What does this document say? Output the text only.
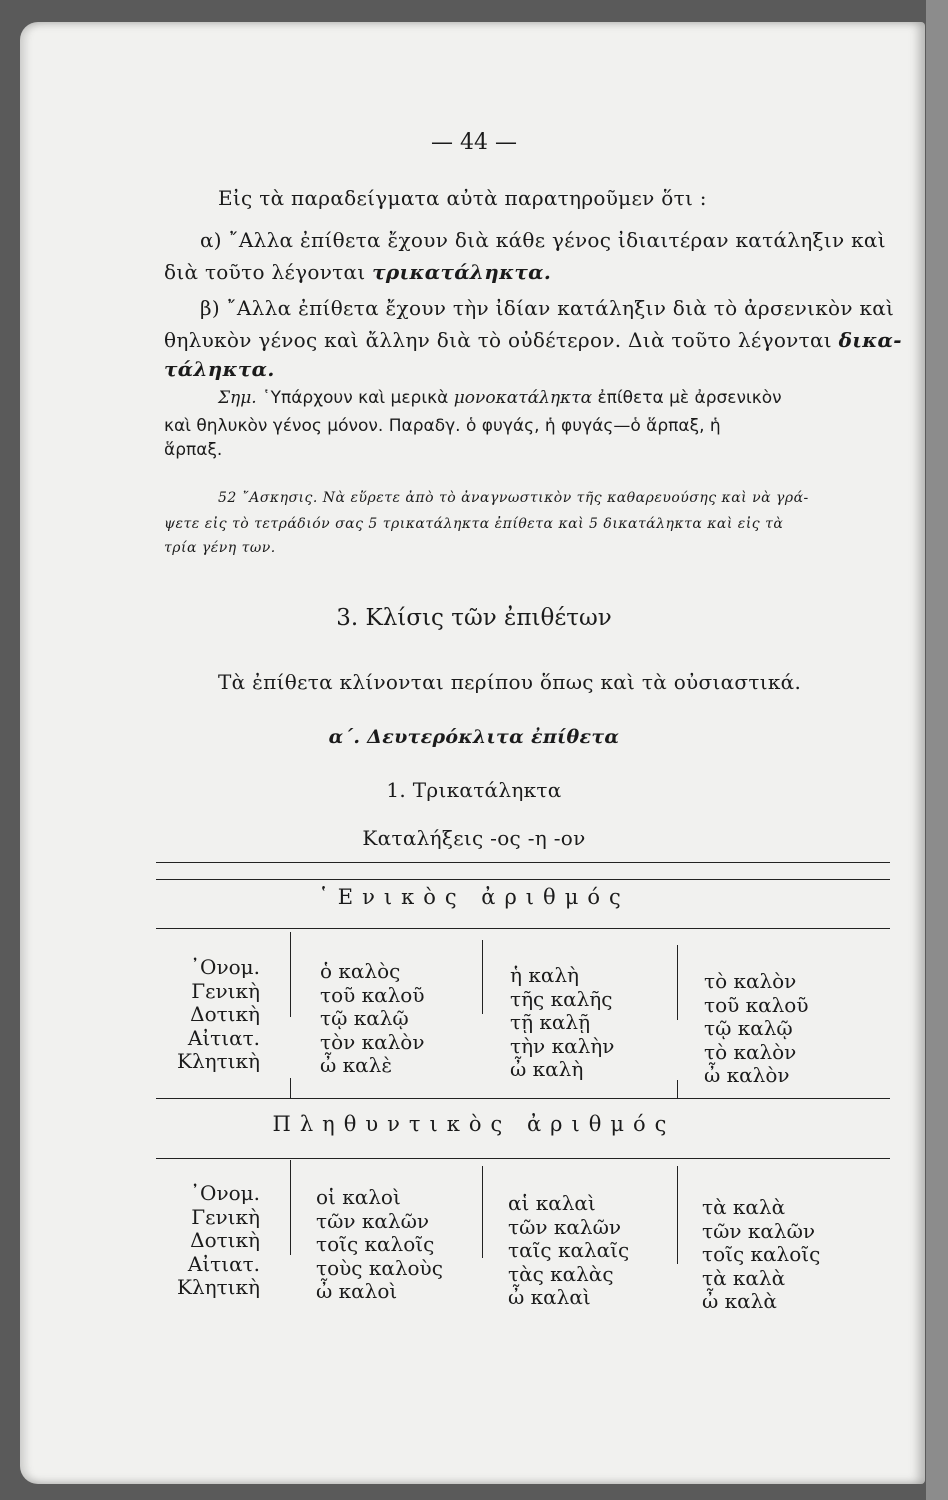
— 44 —
Εἰς τὰ παραδείγματα αὐτὰ παρατηροῦμεν ὅτι :
α) ῎Αλλα ἐπίθετα ἔχουν διὰ κάθε γένος ἰδιαιτέραν κατάληξιν καὶ
διὰ τοῦτο λέγονται τρικατάληκτα.
β) ῎Αλλα ἐπίθετα ἔχουν τὴν ἰδίαν κατάληξιν διὰ τὸ ἀρσενικὸν καὶ
θηλυκὸν γένος καὶ ἄλλην διὰ τὸ οὐδέτερον. Διὰ τοῦτο λέγονται δικα-
τάληκτα.
Σημ. ῾Υπάρχουν καὶ μερικὰ μονοκατάληκτα ἐπίθετα μὲ ἀρσενικὸν
καὶ θηλυκὸν γένος μόνον. Παραδγ. ὁ φυγάς, ἡ φυγάς—ὁ ἅρπαξ, ἡ
ἅρπαξ.
52 ῎Ασκησις. Νὰ εὕρετε ἀπὸ τὸ ἀναγνωστικὸν τῆς καθαρευούσης καὶ νὰ γρά-
ψετε εἰς τὸ τετράδιόν σας 5 τρικατάληκτα ἐπίθετα καὶ 5 δικατάληκτα καὶ εἰς τὰ
τρία γένη των.
3. Κλίσις τῶν ἐπιθέτων
Τὰ ἐπίθετα κλίνονται περίπου ὅπως καὶ τὰ οὐσιαστικά.
α΄. Δευτερόκλιτα ἐπίθετα
1. Τρικατάληκτα
Καταλήξεις -ος -η -ον
῾Ενικὸς ἀριθμός
᾿Ονομ.
Γενικὴ
Δοτικὴ
Αἰτιατ.
Κλητικὴ
ὁ καλὸς
τοῦ καλοῦ
τῷ καλῷ
τὸν καλὸν
ὦ καλὲ
ἡ καλὴ
τῆς καλῆς
τῇ καλῇ
τὴν καλὴν
ὦ καλὴ
τὸ καλὸν
τοῦ καλοῦ
τῷ καλῷ
τὸ καλὸν
ὦ καλὸν
Πληθυντικὸς ἀριθμός
᾿Ονομ.
Γενικὴ
Δοτικὴ
Αἰτιατ.
Κλητικὴ
οἱ καλοὶ
τῶν καλῶν
τοῖς καλοῖς
τοὺς καλοὺς
ὦ καλοὶ
αἱ καλαὶ
τῶν καλῶν
ταῖς καλαῖς
τὰς καλὰς
ὦ καλαὶ
τὰ καλὰ
τῶν καλῶν
τοῖς καλοῖς
τὰ καλὰ
ὦ καλὰ
